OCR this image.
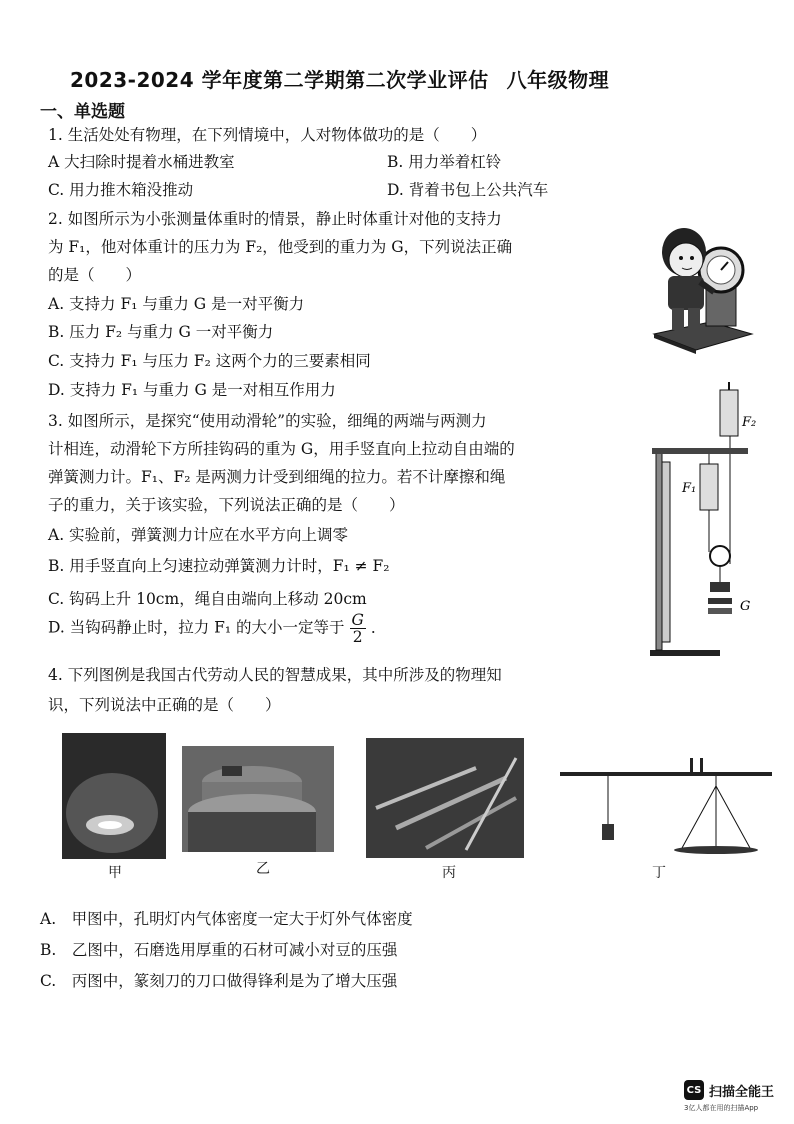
2023-2024 学年度第二学期第二次学业评估 八年级物理
一、单选题
1. 生活处处有物理，在下列情境中，人对物体做功的是（　　）
A 大扫除时提着水桶进教室	B. 用力举着杠铃
C. 用力推木箱没推动	D. 背着书包上公共汽车
2. 如图所示为小张测量体重时的情景，静止时体重计对他的支持力
为 F₁，他对体重计的压力为 F₂，他受到的重力为 G，下列说法正确
的是（　　）
A. 支持力 F₁ 与重力 G 是一对平衡力
B. 压力 F₂ 与重力 G 一对平衡力
C. 支持力 F₁ 与压力 F₂ 这两个力的三要素相同
D. 支持力 F₁ 与重力 G 是一对相互作用力
3. 如图所示，是探究“使用动滑轮”的实验，细绳的两端与两测力
计相连，动滑轮下方所挂钩码的重为 G，用手竖直向上拉动自由端的
弹簧测力计。F₁、F₂ 是两测力计受到细绳的拉力。若不计摩擦和绳
子的重力，关于该实验，下列说法正确的是（　　）
A. 实验前，弹簧测力计应在水平方向上调零
B. 用手竖直向上匀速拉动弹簧测力计时，F₁ ≠ F₂
C. 钩码上升 10cm，绳自由端向上移动 20cm
D. 当钩码静止时，拉力 F₁ 的大小一定等于 $\frac{G}{2}$ ．
F₂
F₁
G
4. 下列图例是我国古代劳动人民的智慧成果，其中所涉及的物理知
识，下列说法中正确的是（　　）
甲	乙	丙	丁
A.　甲图中，孔明灯内气体密度一定大于灯外气体密度
B.　乙图中，石磨选用厚重的石材可减小对豆的压强
C.　丙图中，篆刻刀的刀口做得锋利是为了增大压强
CS 扫描全能王
3亿人都在用的扫描App
